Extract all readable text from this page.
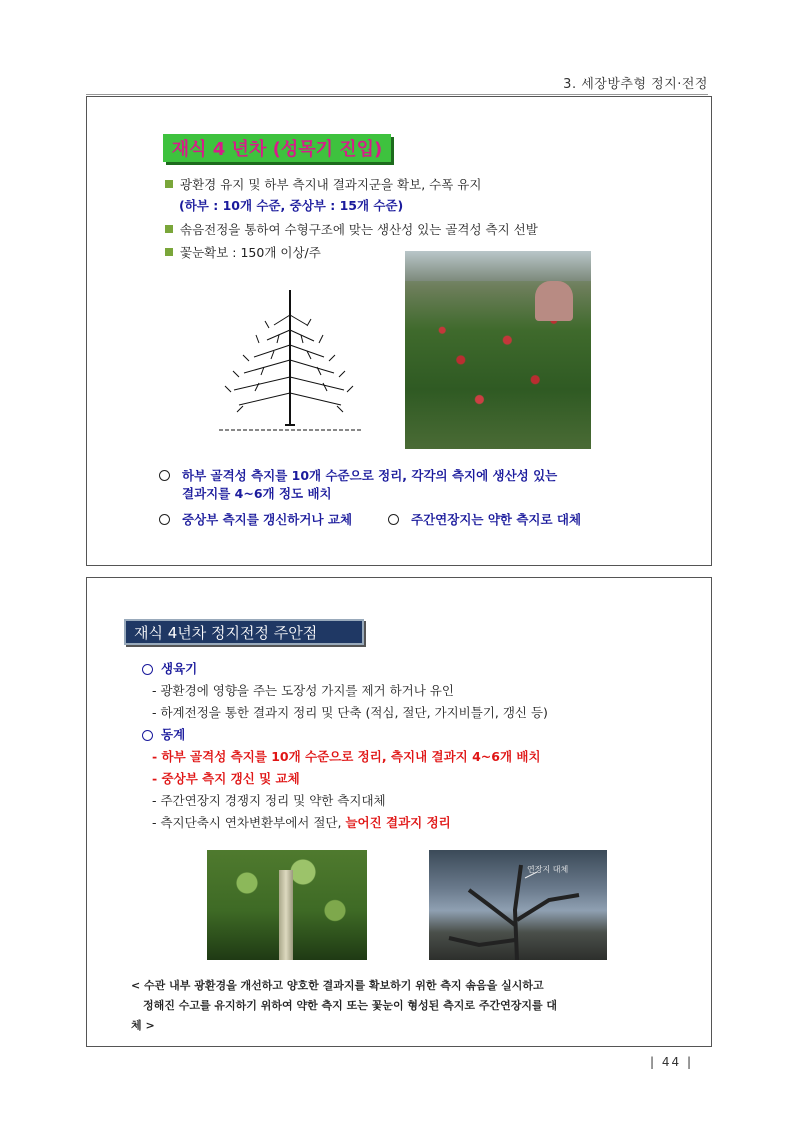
3. 세장방추형 정지·전정
재식 4 년차 (성목기 진입)
광환경 유지 및 하부 측지내 결과지군을 확보, 수폭 유지
(하부 : 10개 수준, 중상부 : 15개 수준)
솎음전정을 통하여 수형구조에 맞는 생산성 있는 골격성 측지 선발
꽃눈확보 : 150개 이상/주
하부 골격성 측지를 10개 수준으로 정리, 각각의 측지에 생산성 있는
결과지를 4~6개 정도 배치
중상부 측지를 갱신하거나 교체	주간연장지는 약한 측지로 대체
재식 4년차 정지전정 주안점
생육기
- 광환경에 영향을 주는 도장성 가지를 제거 하거나 유인
- 하계전정을 통한 결과지 정리 및 단축 (적심, 절단, 가지비틀기, 갱신 등)
동계
- 하부 골격성 측지를 10개 수준으로 정리, 측지내 결과지 4~6개 배치
- 중상부 측지 갱신 및 교체
- 주간연장지 경쟁지 정리 및 약한 측지대체
- 측지단축시 연차변환부에서 절단, 늘어진 결과지 정리
연장지 대체
< 수관 내부 광환경을 개선하고 양호한 결과지를 확보하기 위한 측지 솎음을 실시하고
정해진 수고를 유지하기 위하여 약한 측지 또는 꽃눈이 형성된 측지로 주간연장지를 대
체 >
| 44 |
